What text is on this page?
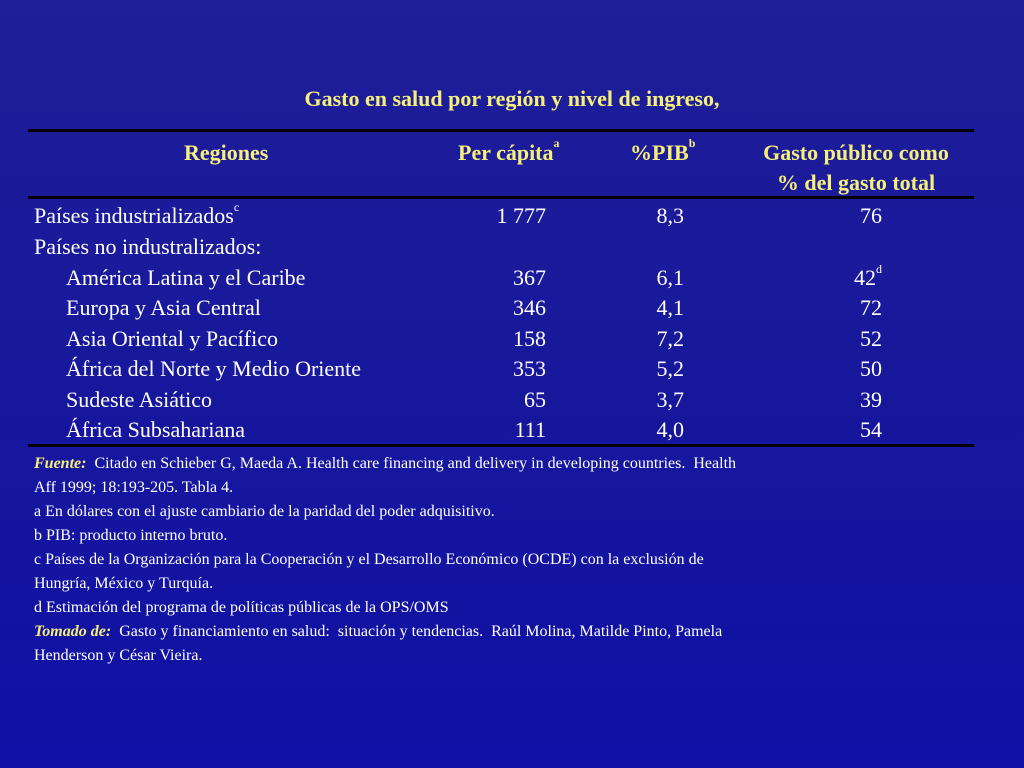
Gasto en salud por región y nivel de ingreso,
Regiones	Per cápita$^a$	%PIB$^b$	Gasto público como
% del gasto total
Países industrializados$^c$	1 777	8,3	76
Países no industralizados:
América Latina y el Caribe	367	6,1	42$^d$
Europa y Asia Central	346	4,1	72
Asia Oriental y Pacífico	158	7,2	52
África del Norte y Medio Oriente	353	5,2	50
Sudeste Asiático	65	3,7	39
África Subsahariana	111	4,0	54
Fuente:  Citado en Schieber G, Maeda A. Health care financing and delivery in developing countries.  Health
Aff 1999; 18:193-205. Tabla 4.
a En dólares con el ajuste cambiario de la paridad del poder adquisitivo.
b PIB: producto interno bruto.
c Países de la Organización para la Cooperación y el Desarrollo Económico (OCDE) con la exclusión de
Hungría, México y Turquía.
d Estimación del programa de políticas públicas de la OPS/OMS
Tomado de:  Gasto y financiamiento en salud:  situación y tendencias.  Raúl Molina, Matilde Pinto, Pamela
Henderson y César Vieira.
